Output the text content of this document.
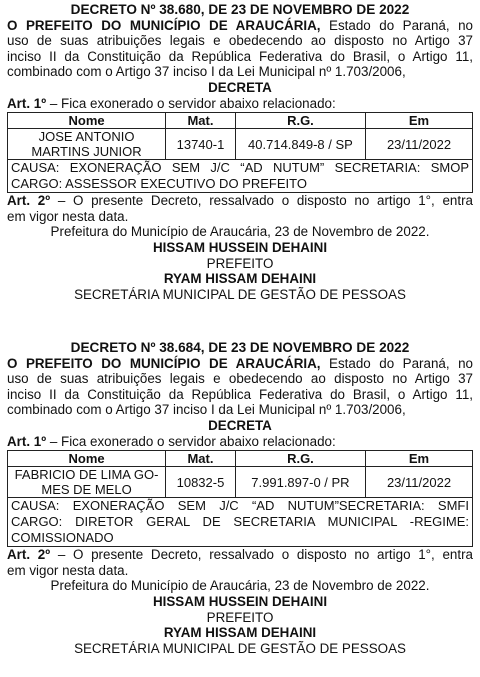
DECRETO Nº 38.680, DE 23 DE NOVEMBRO DE 2022
O PREFEITO DO MUNICÍPIO DE ARAUCÁRIA, Estado do Paraná, no
uso de suas atribuições legais e obedecendo ao disposto no Artigo 37
inciso II da Constituição da República Federativa do Brasil, o Artigo 11,
combinado com o Artigo 37 inciso I da Lei Municipal nº 1.703/2006,
DECRETA
Art. 1º – Fica exonerado o servidor abaixo relacionado:
Nome	Mat.	R.G.	Em
JOSE ANTONIO
MARTINS JUNIOR	13740-1	40.714.849-8 / SP	23/11/2022

CAUSA: EXONERAÇÃO SEM J/C “AD NUTUM” SECRETARIA: SMOP
CARGO: ASSESSOR EXECUTIVO DO PREFEITO			
Art. 2º – O presente Decreto, ressalvado o disposto no artigo 1°, entra
em vigor nesta data.
Prefeitura do Município de Araucária, 23 de Novembro de 2022.
HISSAM HUSSEIN DEHAINI
PREFEITO
RYAM HISSAM DEHAINI
SECRETÁRIA MUNICIPAL DE GESTÃO DE PESSOAS
DECRETO Nº 38.684, DE 23 DE NOVEMBRO DE 2022
O PREFEITO DO MUNICÍPIO DE ARAUCÁRIA, Estado do Paraná, no
uso de suas atribuições legais e obedecendo ao disposto no Artigo 37
inciso II da Constituição da República Federativa do Brasil, o Artigo 11,
combinado com o Artigo 37 inciso I da Lei Municipal nº 1.703/2006,
DECRETA
Art. 1º – Fica exonerado o servidor abaixo relacionado:
Nome	Mat.	R.G.	Em
FABRICIO DE LIMA GO-
MES DE MELO	10832-5	7.991.897-0 / PR	23/11/2022

CAUSA: EXONERAÇÃO SEM J/C “AD NUTUM”SECRETARIA: SMFI
CARGO: DIRETOR GERAL DE SECRETARIA MUNICIPAL -REGIME:
COMISSIONADO			
Art. 2º – O presente Decreto, ressalvado o disposto no artigo 1°, entra
em vigor nesta data.
Prefeitura do Município de Araucária, 23 de Novembro de 2022.
HISSAM HUSSEIN DEHAINI
PREFEITO
RYAM HISSAM DEHAINI
SECRETÁRIA MUNICIPAL DE GESTÃO DE PESSOAS
